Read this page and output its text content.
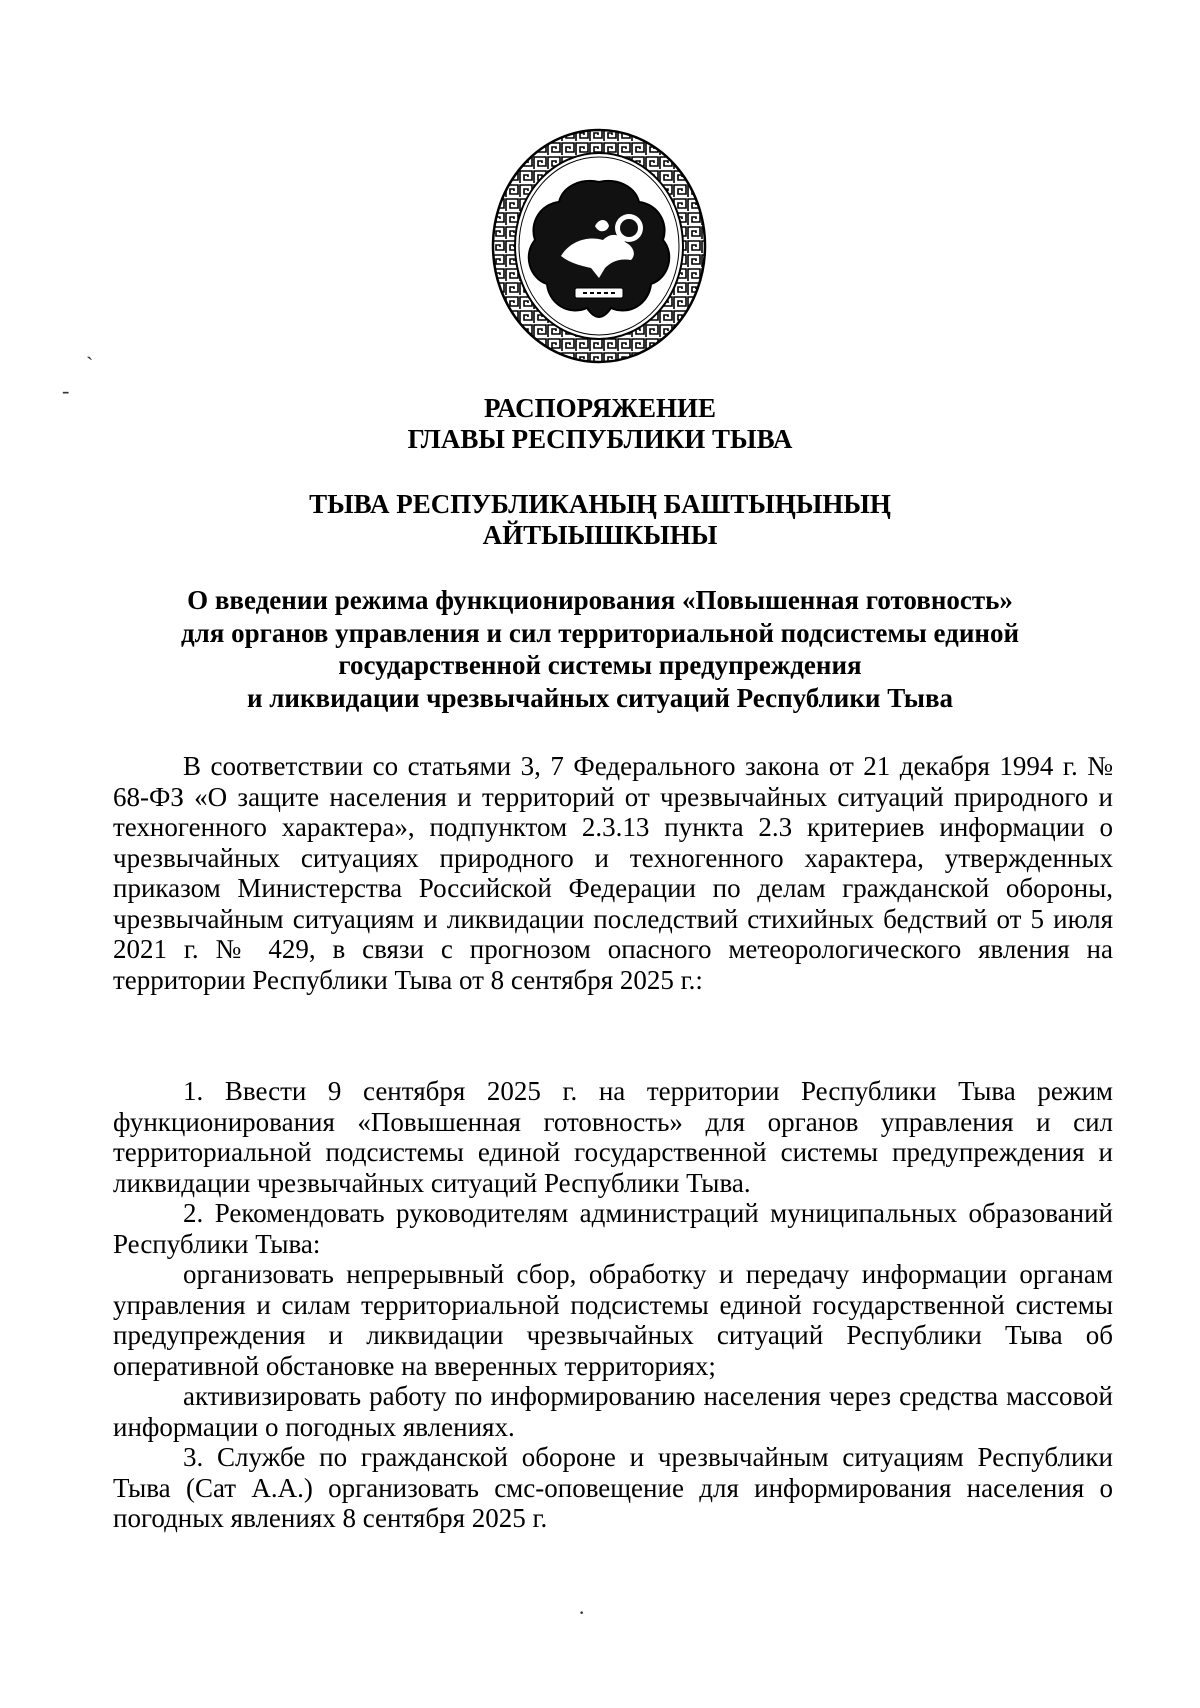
РАСПОРЯЖЕНИЕ
ГЛАВЫ РЕСПУБЛИКИ ТЫВА
ТЫВА РЕСПУБЛИКАНЫҢ БАШТЫҢЫНЫҢ
АЙТЫЫШКЫНЫ
О введении режима функционирования «Повышенная готовность»
для органов управления и сил территориальной подсистемы единой
государственной системы предупреждения
и ликвидации чрезвычайных ситуаций Республики Тыва

В соответствии со статьями 3, 7 Федерального закона от 21 декабря 1994 г. № 68-ФЗ «О защите населения и территорий от чрезвычайных ситуаций природного и техногенного характера», подпунктом 2.3.13 пункта 2.3 критериев информации о чрезвычайных ситуациях природного и техногенного характера, утвержденных приказом Министерства Российской Федерации по делам гражданской обороны, чрезвычайным ситуациям и ликвидации последствий стихийных бедствий от 5 июля 2021 г. № 429, в связи с прогнозом опасного метеорологического явления на территории Республики Тыва от 8 сентября 2025 г.:

1. Ввести 9 сентября 2025 г. на территории Республики Тыва режим функционирования «Повышенная готовность» для органов управления и сил территориальной подсистемы единой государственной системы предупреждения и ликвидации чрезвычайных ситуаций Республики Тыва.

2. Рекомендовать руководителям администраций муниципальных образований Республики Тыва:

организовать непрерывный сбор, обработку и передачу информации органам управления и силам территориальной подсистемы единой государственной системы предупреждения и ликвидации чрезвычайных ситуаций Республики Тыва об оперативной обстановке на вверенных территориях;

активизировать работу по информированию населения через средства массовой информации о погодных явлениях.

3. Службе по гражданской обороне и чрезвычайным ситуациям Республики Тыва (Сат А.А.) организовать смс-оповещение для информирования населения о погодных явлениях 8 сентября 2025 г.

`
-
·
